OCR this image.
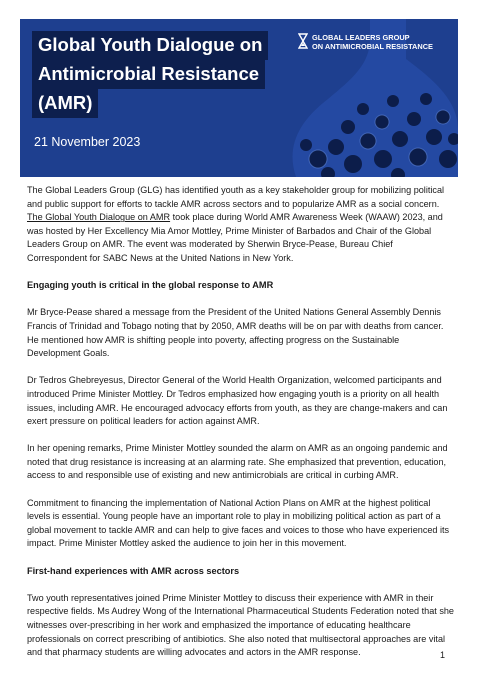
Global Youth Dialogue on
Antimicrobial Resistance
(AMR)
21 November 2023
GLOBAL LEADERS GROUP
ON ANTIMICROBIAL RESISTANCE

The Global Leaders Group (GLG) has identified youth as a key stakeholder group for mobilizing political and public support for efforts to tackle AMR across sectors and to popularize AMR as a social concern. The Global Youth Dialogue on AMR took place during World AMR Awareness Week (WAAW) 2023, and was hosted by Her Excellency Mia Amor Mottley, Prime Minister of Barbados and Chair of the Global Leaders Group on AMR. The event was moderated by Sherwin Bryce-Pease, Bureau Chief Correspondent for SABC News at the United Nations in New York.

Engaging youth is critical in the global response to AMR

Mr Bryce-Pease shared a message from the President of the United Nations General Assembly Dennis Francis of Trinidad and Tobago noting that by 2050, AMR deaths will be on par with deaths from cancer. He mentioned how AMR is shifting people into poverty, affecting progress on the Sustainable Development Goals.

Dr Tedros Ghebreyesus, Director General of the World Health Organization, welcomed participants and introduced Prime Minister Mottley. Dr Tedros emphasized how engaging youth is a priority on all health issues, including AMR. He encouraged advocacy efforts from youth, as they are change-makers and can exert pressure on political leaders for action against AMR.

In her opening remarks, Prime Minister Mottley sounded the alarm on AMR as an ongoing pandemic and noted that drug resistance is increasing at an alarming rate. She emphasized that prevention, education, access to and responsible use of existing and new antimicrobials are critical in curbing AMR.

Commitment to financing the implementation of National Action Plans on AMR at the highest political levels is essential. Young people have an important role to play in mobilizing political action as part of a global movement to tackle AMR and can help to give faces and voices to those who have experienced its impact. Prime Minister Mottley asked the audience to join her in this movement.

First-hand experiences with AMR across sectors

Two youth representatives joined Prime Minister Mottley to discuss their experience with AMR in their respective fields. Ms Audrey Wong of the International Pharmaceutical Students Federation noted that she witnesses over-prescribing in her work and emphasized the importance of educating healthcare professionals on correct prescribing of antibiotics. She also noted that multisectoral approaches are vital and that pharmacy students are willing advocates and actors in the AMR response.	1
